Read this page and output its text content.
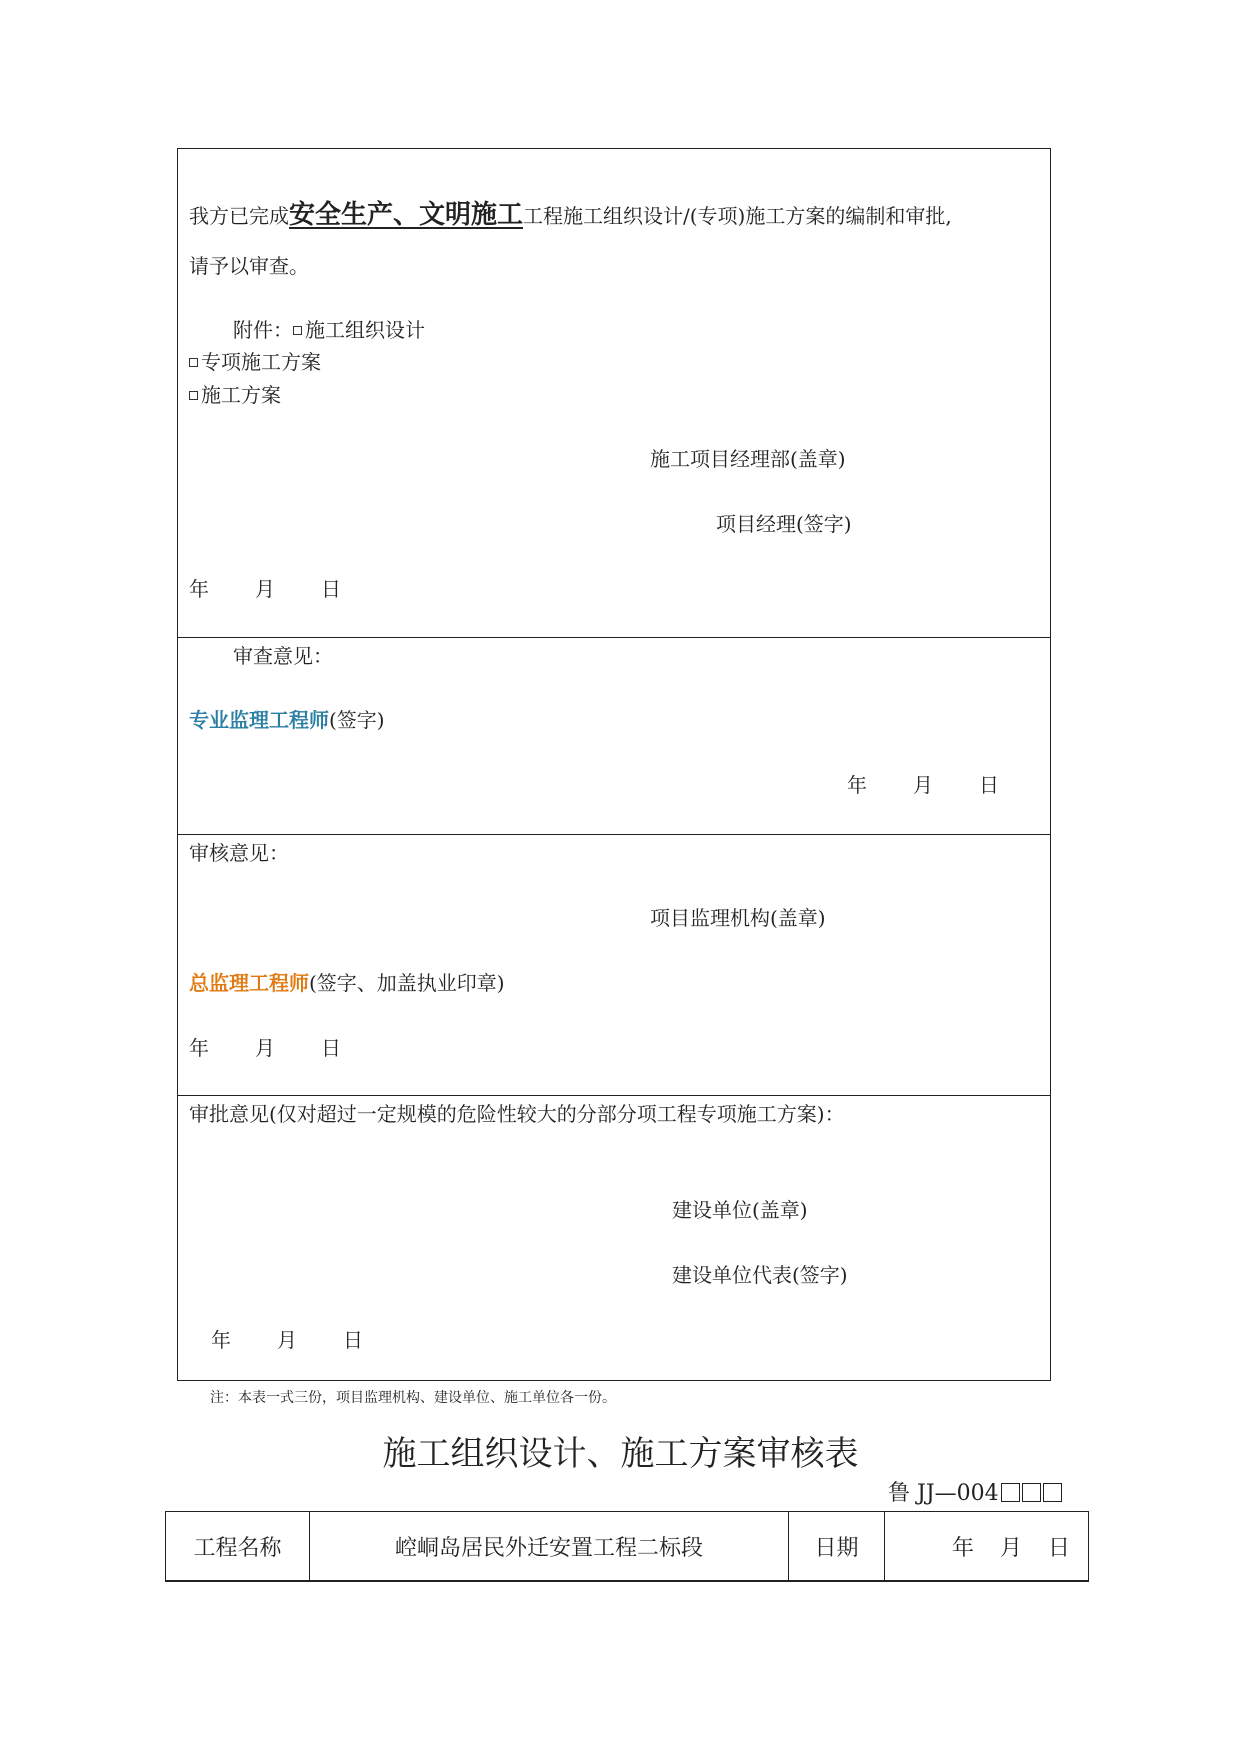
我方已完成安全生产、文明施工工程施工组织设计/(专项)施工方案的编制和审批,
请予以审查。
附件： 施工组织设计
专项施工方案
施工方案
施工项目经理部(盖章)
项目经理(签字)
年 月 日
审查意见：
专业监理工程师(签字)
年 月 日
审核意见：
项目监理机构(盖章)
总监理工程师(签字、加盖执业印章)
年 月 日
审批意见(仅对超过一定规模的危险性较大的分部分项工程专项施工方案)：
建设单位(盖章)
建设单位代表(签字)
年 月 日
注：本表一式三份，项目监理机构、建设单位、施工单位各一份。
施工组织设计、施工方案审核表
鲁 JJ—004
工程名称	崆峒岛居民外迁安置工程二标段	日期	年 月 日
